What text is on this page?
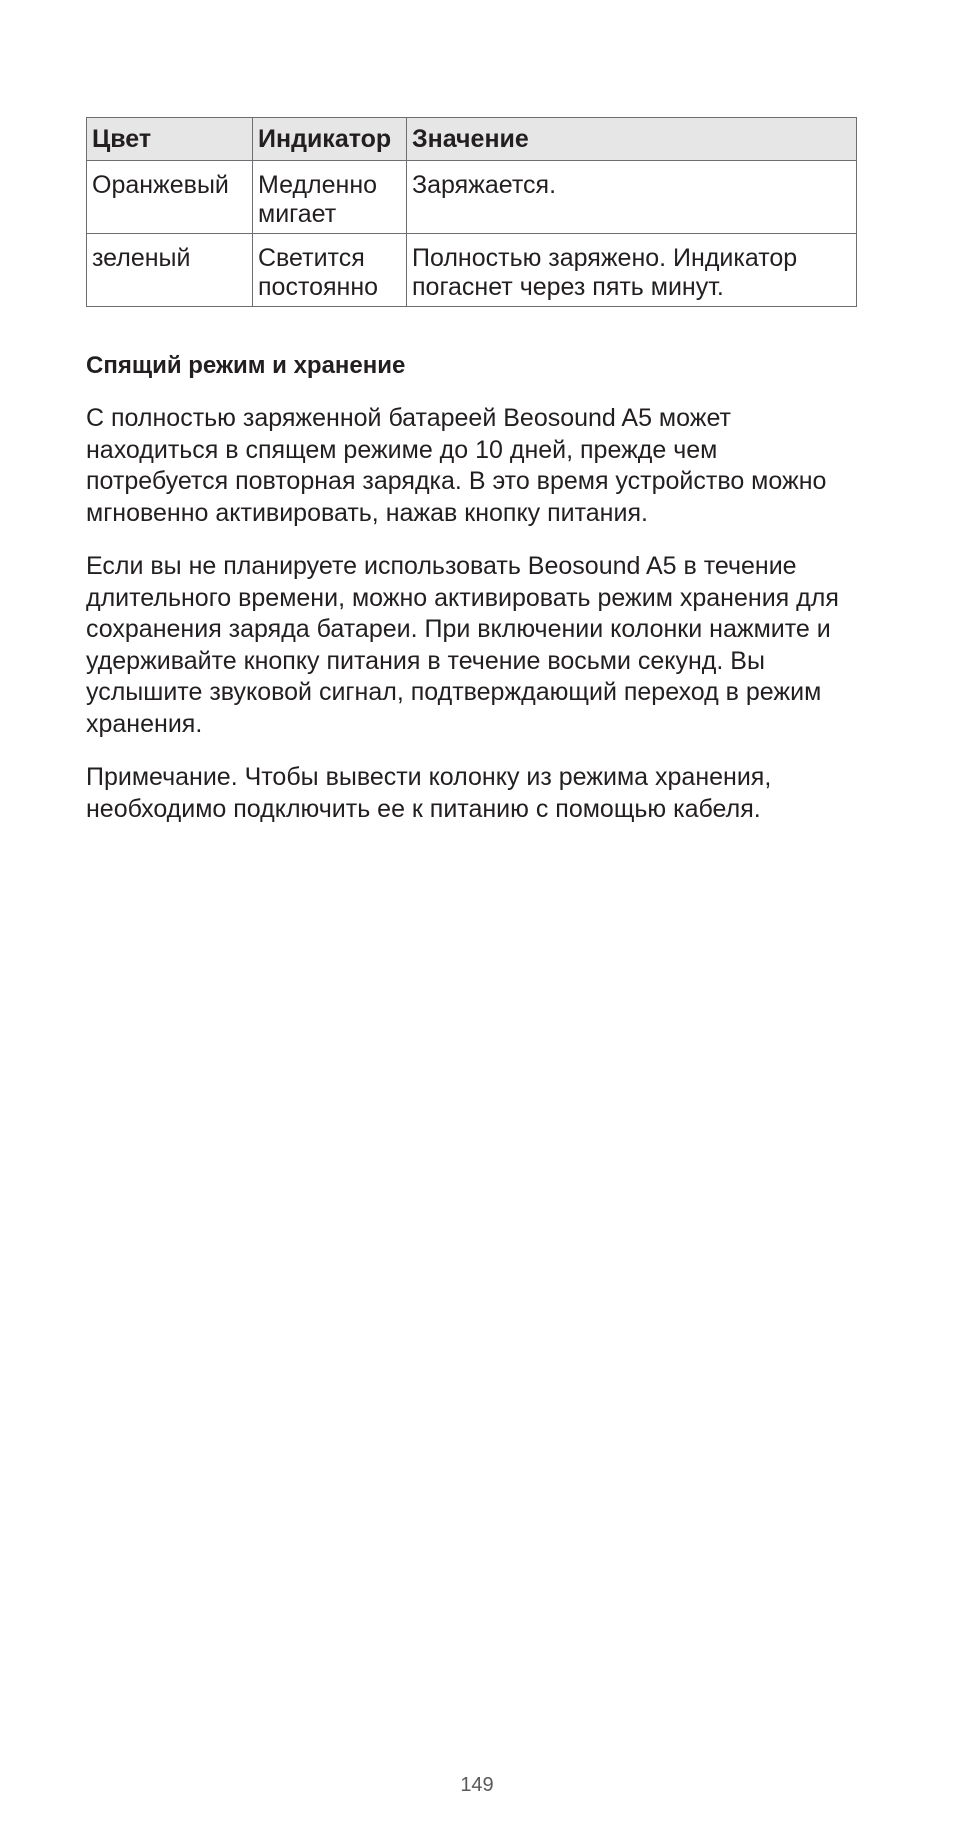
Цвет	Индикатор	Значение
Оранжевый	Медленно мигает	Заряжается.
зеленый	Светится постоянно	Полностью заряжено. Индикатор погаснет через пять минут.
Спящий режим и хранение

С полностью заряженной батареей Beosound A5 может находиться в спящем режиме до 10 дней, прежде чем потребуется повторная зарядка. В это время устройство можно мгновенно активировать, нажав кнопку питания.

Если вы не планируете использовать Beosound A5 в течение длительного времени, можно активировать режим хранения для сохранения заряда батареи. При включении колонки нажмите и удерживайте кнопку питания в течение восьми секунд. Вы услышите звуковой сигнал, подтверждающий переход в режим хранения.

Примечание. Чтобы вывести колонку из режима хранения, необходимо подключить ее к питанию с помощью кабеля.

149
